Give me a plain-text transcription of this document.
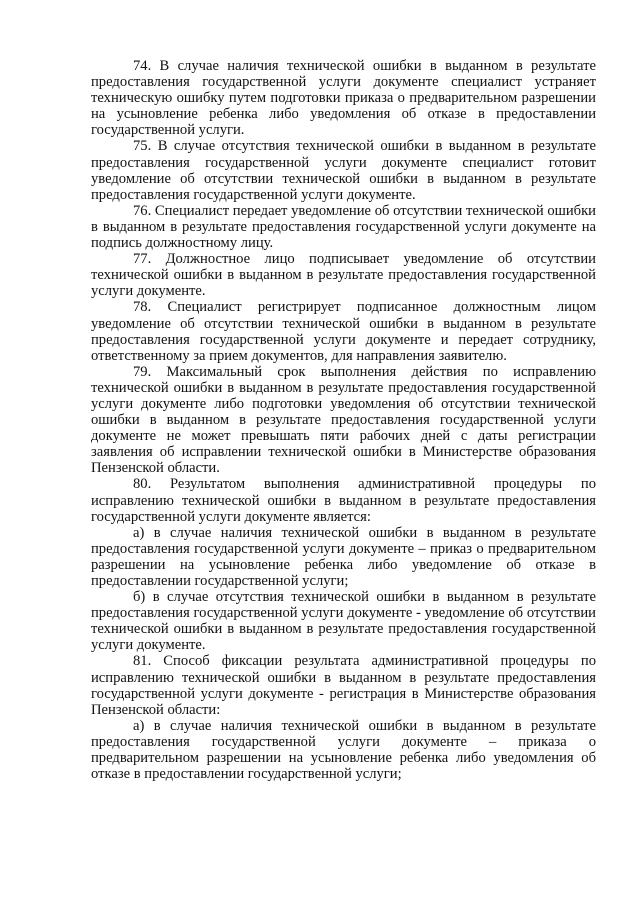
74. В случае наличия технической ошибки в выданном в результате предоставления государственной услуги документе специалист устраняет техническую ошибку путем подготовки приказа о предварительном разрешении на усыновление ребенка либо уведомления об отказе в предоставлении государственной услуги.

75. В случае отсутствия технической ошибки в выданном в результате предоставления государственной услуги документе специалист готовит уведомление об отсутствии технической ошибки в выданном в результате предоставления государственной услуги документе.

76. Специалист передает уведомление об отсутствии технической ошибки в выданном в результате предоставления государственной услуги документе на подпись должностному лицу.

77. Должностное лицо подписывает уведомление об отсутствии технической ошибки в выданном в результате предоставления государственной услуги документе.

78. Специалист регистрирует подписанное должностным лицом уведомление об отсутствии технической ошибки в выданном в результате предоставления государственной услуги документе и передает сотруднику, ответственному за прием документов, для направления заявителю.

79. Максимальный срок выполнения действия по исправлению технической ошибки в выданном в результате предоставления государственной услуги документе либо подготовки уведомления об отсутствии технической ошибки в выданном в результате предоставления государственной услуги документе не может превышать пяти рабочих дней с даты регистрации заявления об исправлении технической ошибки в Министерстве образования Пензенской области.

80. Результатом выполнения административной процедуры по исправлению технической ошибки в выданном в результате предоставления государственной услуги документе является:

а) в случае наличия технической ошибки в выданном в результате предоставления государственной услуги документе – приказ о предварительном разрешении на усыновление ребенка либо уведомление об отказе в предоставлении государственной услуги;

б) в случае отсутствия технической ошибки в выданном в результате предоставления государственной услуги документе - уведомление об отсутствии технической ошибки в выданном в результате предоставления государственной услуги документе.

81. Способ фиксации результата административной процедуры по исправлению технической ошибки в выданном в результате предоставления государственной услуги документе - регистрация в Министерстве образования Пензенской области:

а) в случае наличия технической ошибки в выданном в результате предоставления государственной услуги документе – приказа о предварительном разрешении на усыновление ребенка либо уведомления об отказе в предоставлении государственной услуги;
